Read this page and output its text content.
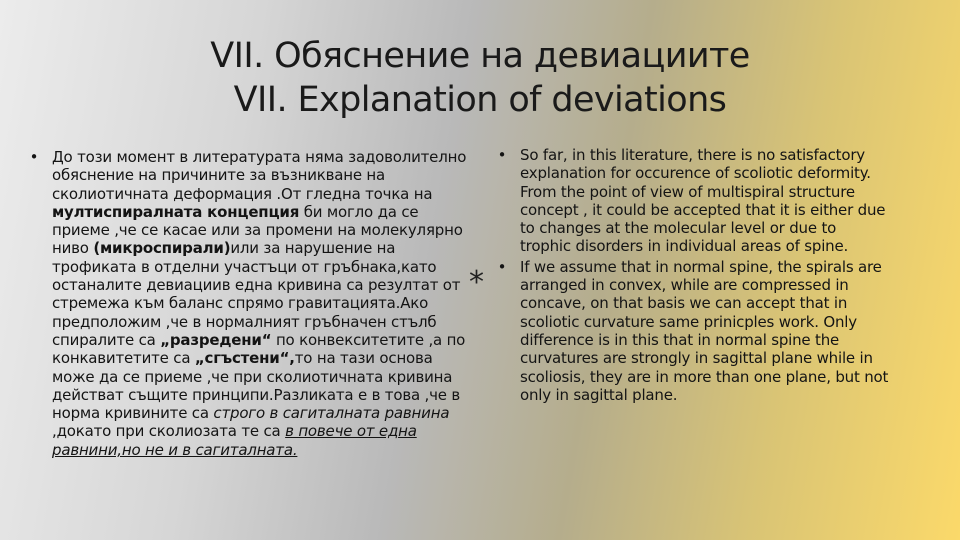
VII. Обяснение на девиациите
VII. Explanation of deviations
• До този момент в литературата няма задоволително обяснение на причините за възникване на сколиотичната деформация .От гледна точка на мултиспиралната концепция би могло да се приеме ,че се касае или за промени на молекулярно ниво (микроспирали)или за нарушение на трофиката в отделни участъци от гръбнака,като останалите девиациив една кривина са резултат от стремежа към баланс спрямо гравитацията.Ако предположим ,че в нормалният гръбначен стълб спиралите са „разредени“ по конвекситетите ,а по конкавитетите са „сгъстени“,то на тази основа може да се приеме ,че при сколиотичната кривина действат същите принципи.Разликата е в това ,че в норма кривините са строго в сагиталната равнина ,докато при сколиозата те са в повече от една равнини,но не и в сагиталната.
*
• So far, in this literature, there is no satisfactory explanation for occurence of scoliotic deformity. From the point of view of multispiral structure concept , it could be accepted that it is either due to changes at the molecular level or due to trophic disorders in individual areas of spine.
• If we assume that in normal spine, the spirals are arranged in convex, while are compressed in concave, on that basis we can accept that in scoliotic curvature same prinicples work. Only difference is in this that in normal spine the curvatures are strongly in sagittal plane while in scoliosis, they are in more than one plane, but not only in sagittal plane.
